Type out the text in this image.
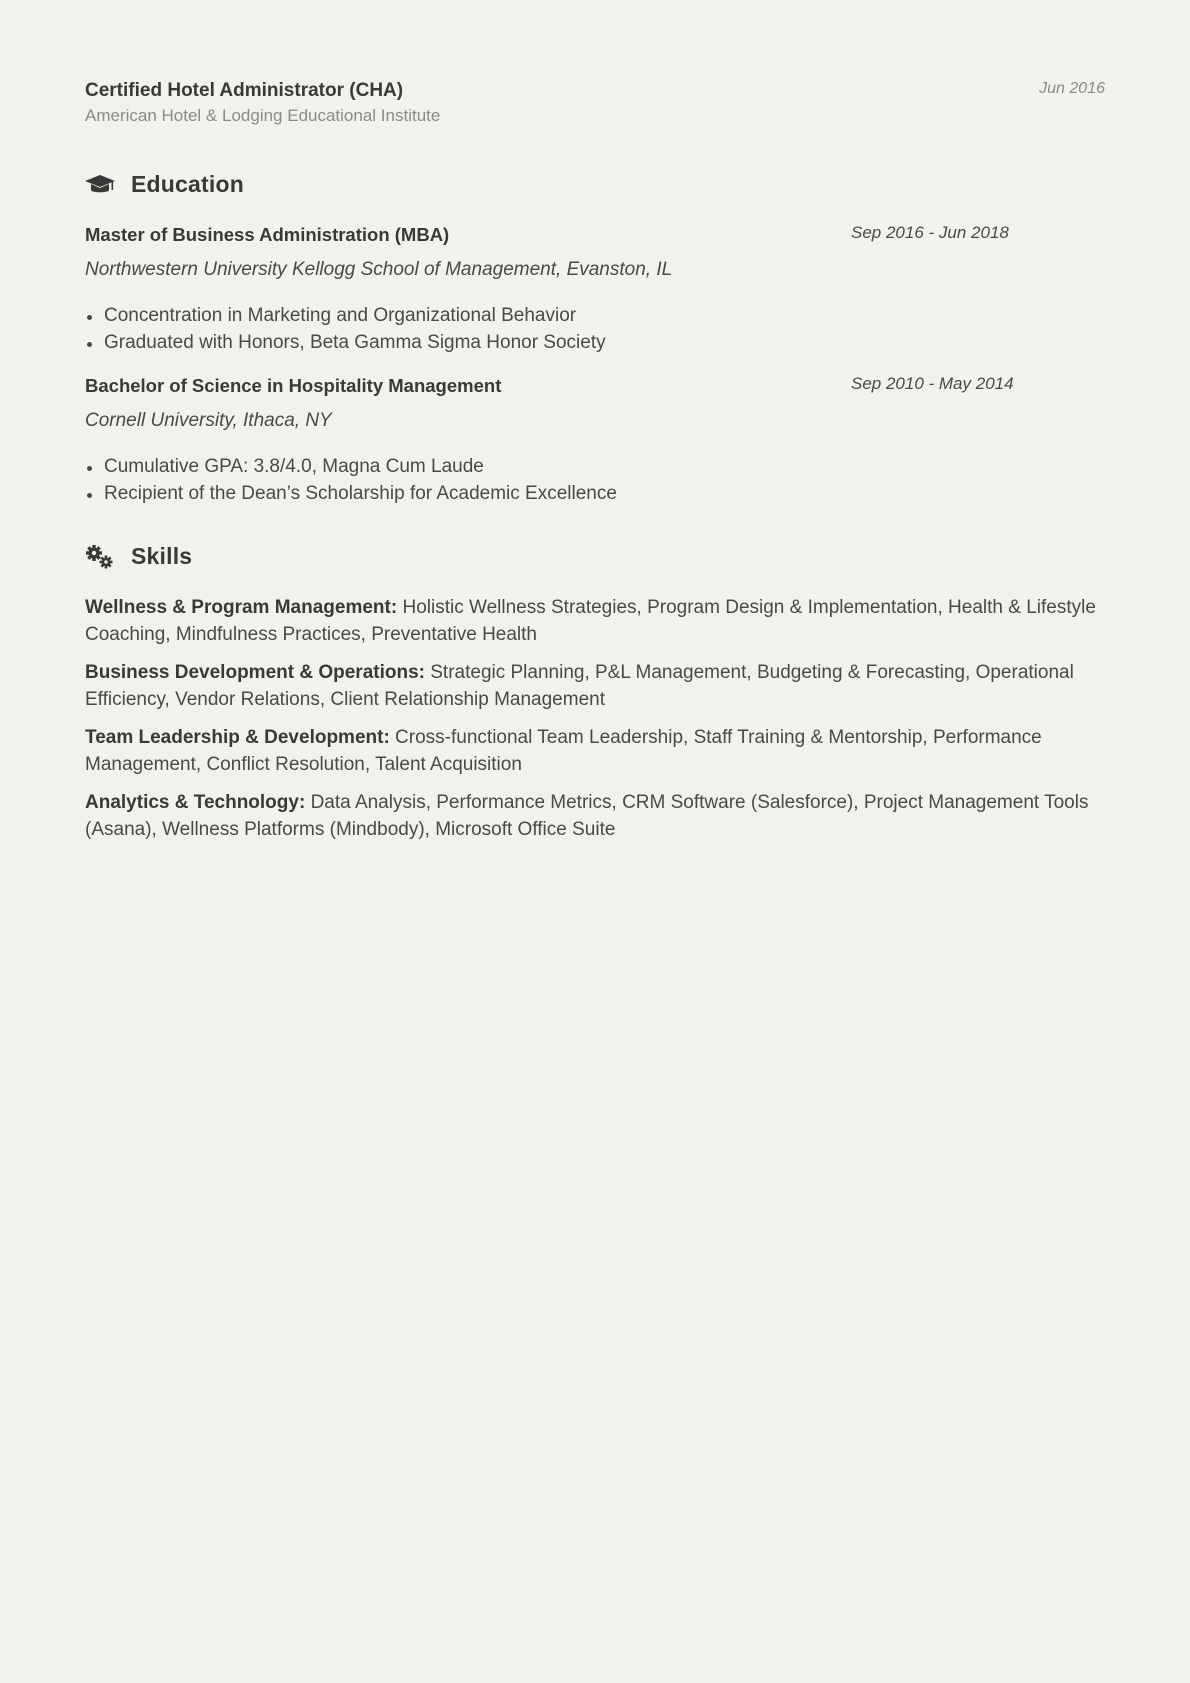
Certified Hotel Administrator (CHA)
American Hotel & Lodging Educational Institute
Jun 2016
Education
Master of Business Administration (MBA)	Sep 2016 - Jun 2018
Northwestern University Kellogg School of Management, Evanston, IL
Concentration in Marketing and Organizational Behavior
Graduated with Honors, Beta Gamma Sigma Honor Society
Bachelor of Science in Hospitality Management	Sep 2010 - May 2014
Cornell University, Ithaca, NY
Cumulative GPA: 3.8/4.0, Magna Cum Laude
Recipient of the Dean’s Scholarship for Academic Excellence
Skills
Wellness & Program Management: Holistic Wellness Strategies, Program Design & Implementation, Health & Lifestyle Coaching, Mindfulness Practices, Preventative Health
Business Development & Operations: Strategic Planning, P&L Management, Budgeting & Forecasting, Operational Efficiency, Vendor Relations, Client Relationship Management
Team Leadership & Development: Cross-functional Team Leadership, Staff Training & Mentorship, Performance Management, Conflict Resolution, Talent Acquisition
Analytics & Technology: Data Analysis, Performance Metrics, CRM Software (Salesforce), Project Management Tools (Asana), Wellness Platforms (Mindbody), Microsoft Office Suite
